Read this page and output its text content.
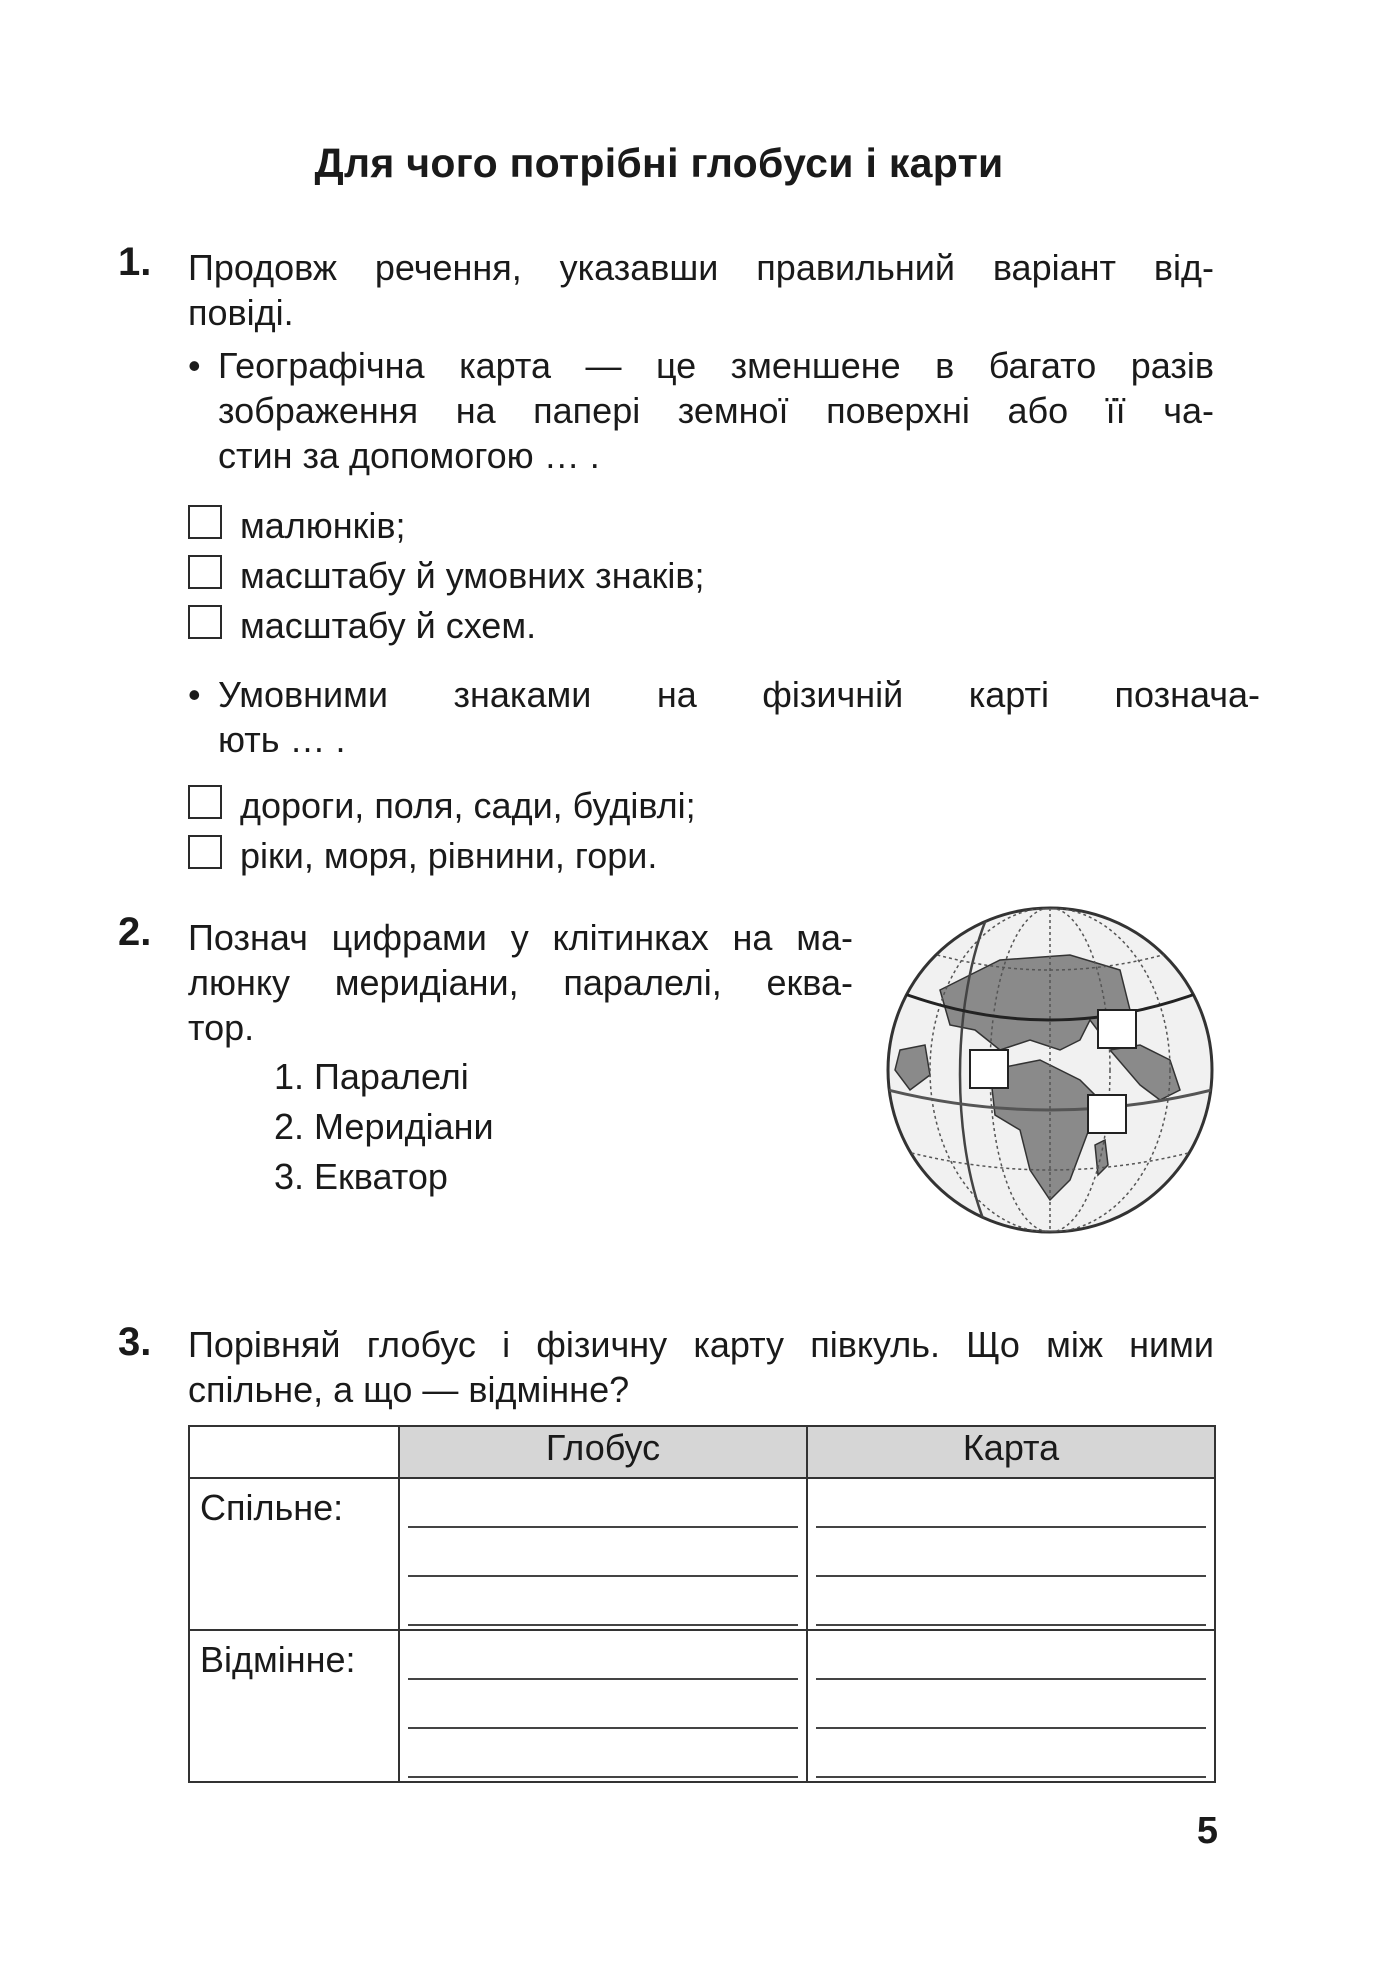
Для чого потрібні глобуси і карти
1. Продовж речення, указавши правильний варіант від-
повіді.
• Географічна карта — це зменшене в багато разів
зображення на папері земної поверхні або її ча-
стин за допомогою … .
малюнків;
масштабу й умовних знаків;
масштабу й схем.
• Умовними знаками на фізичній карті познача-
ють … .
дороги, поля, сади, будівлі;
ріки, моря, рівнини, гори.
2. Познач цифрами у клітинках на ма-
люнку меридіани, паралелі, еква-
тор.
1. Паралелі
2. Меридіани
3. Екватор
3. Порівняй глобус і фізичну карту півкуль. Що між ними
спільне, а що — відмінне?
	Глобус	Карта
Спільне:	

Відмінне:	

5
